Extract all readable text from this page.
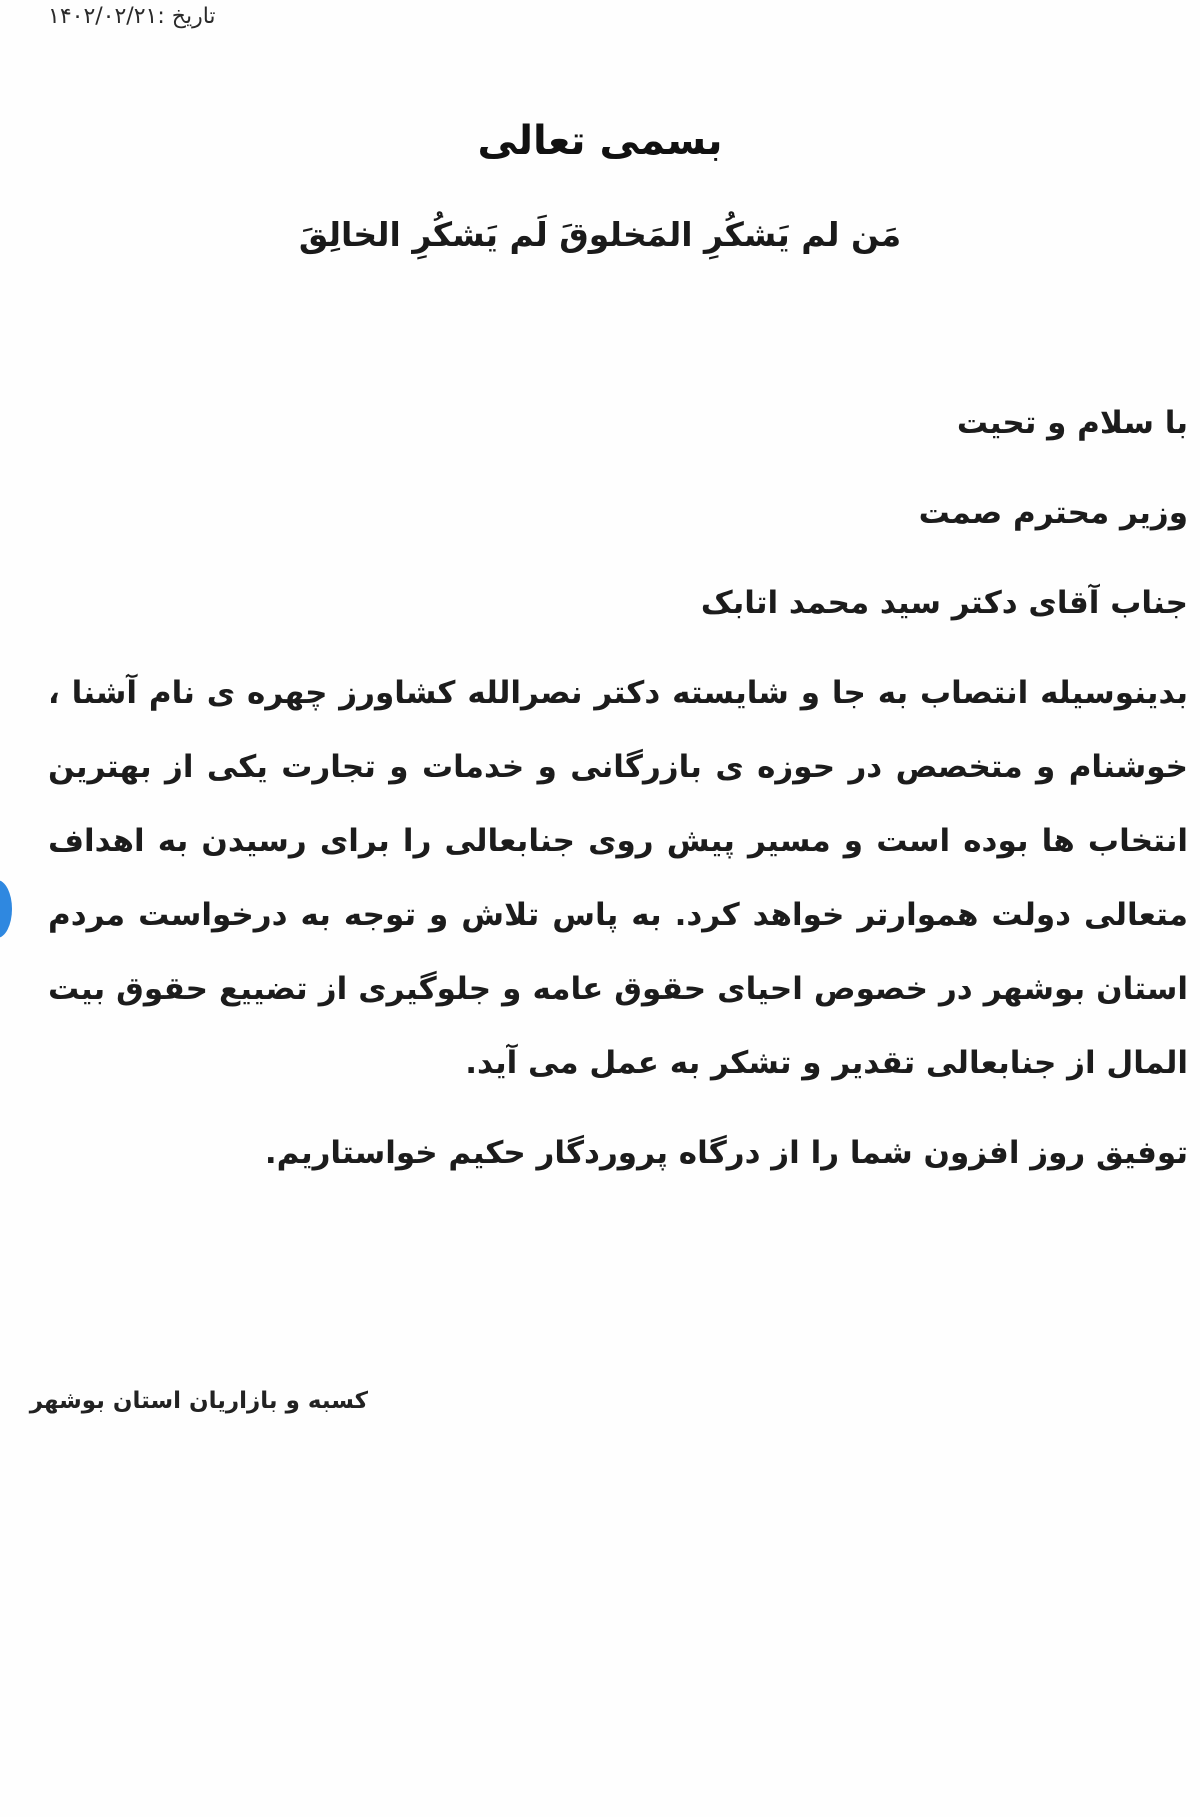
تاریخ :۱۴۰۲/۰۲/۲۱
بسمی تعالی
مَن لم یَشکُرِ المَخلوقَ لَم یَشکُرِ الخالِقَ

با سلام و تحیت

وزیر محترم صمت

جناب آقای دکتر سید محمد اتابک

بدینوسیله انتصاب به جا و شایسته دکتر نصرالله کشاورز چهره ی نام آشنا ، خوشنام و متخصص در حوزه ی بازرگانی و خدمات و تجارت یکی از بهترین انتخاب ها بوده است و مسیر پیش روی جنابعالی را برای رسیدن به اهداف متعالی دولت هموارتر خواهد کرد. به پاس تلاش و توجه به درخواست مردم استان بوشهر در خصوص احیای حقوق عامه و جلوگیری از تضییع حقوق بیت المال از جنابعالی تقدیر و تشکر به عمل می آید.

توفیق روز افزون شما را از درگاه پروردگار حکیم خواستاریم.

کسبه و بازاریان استان بوشهر
